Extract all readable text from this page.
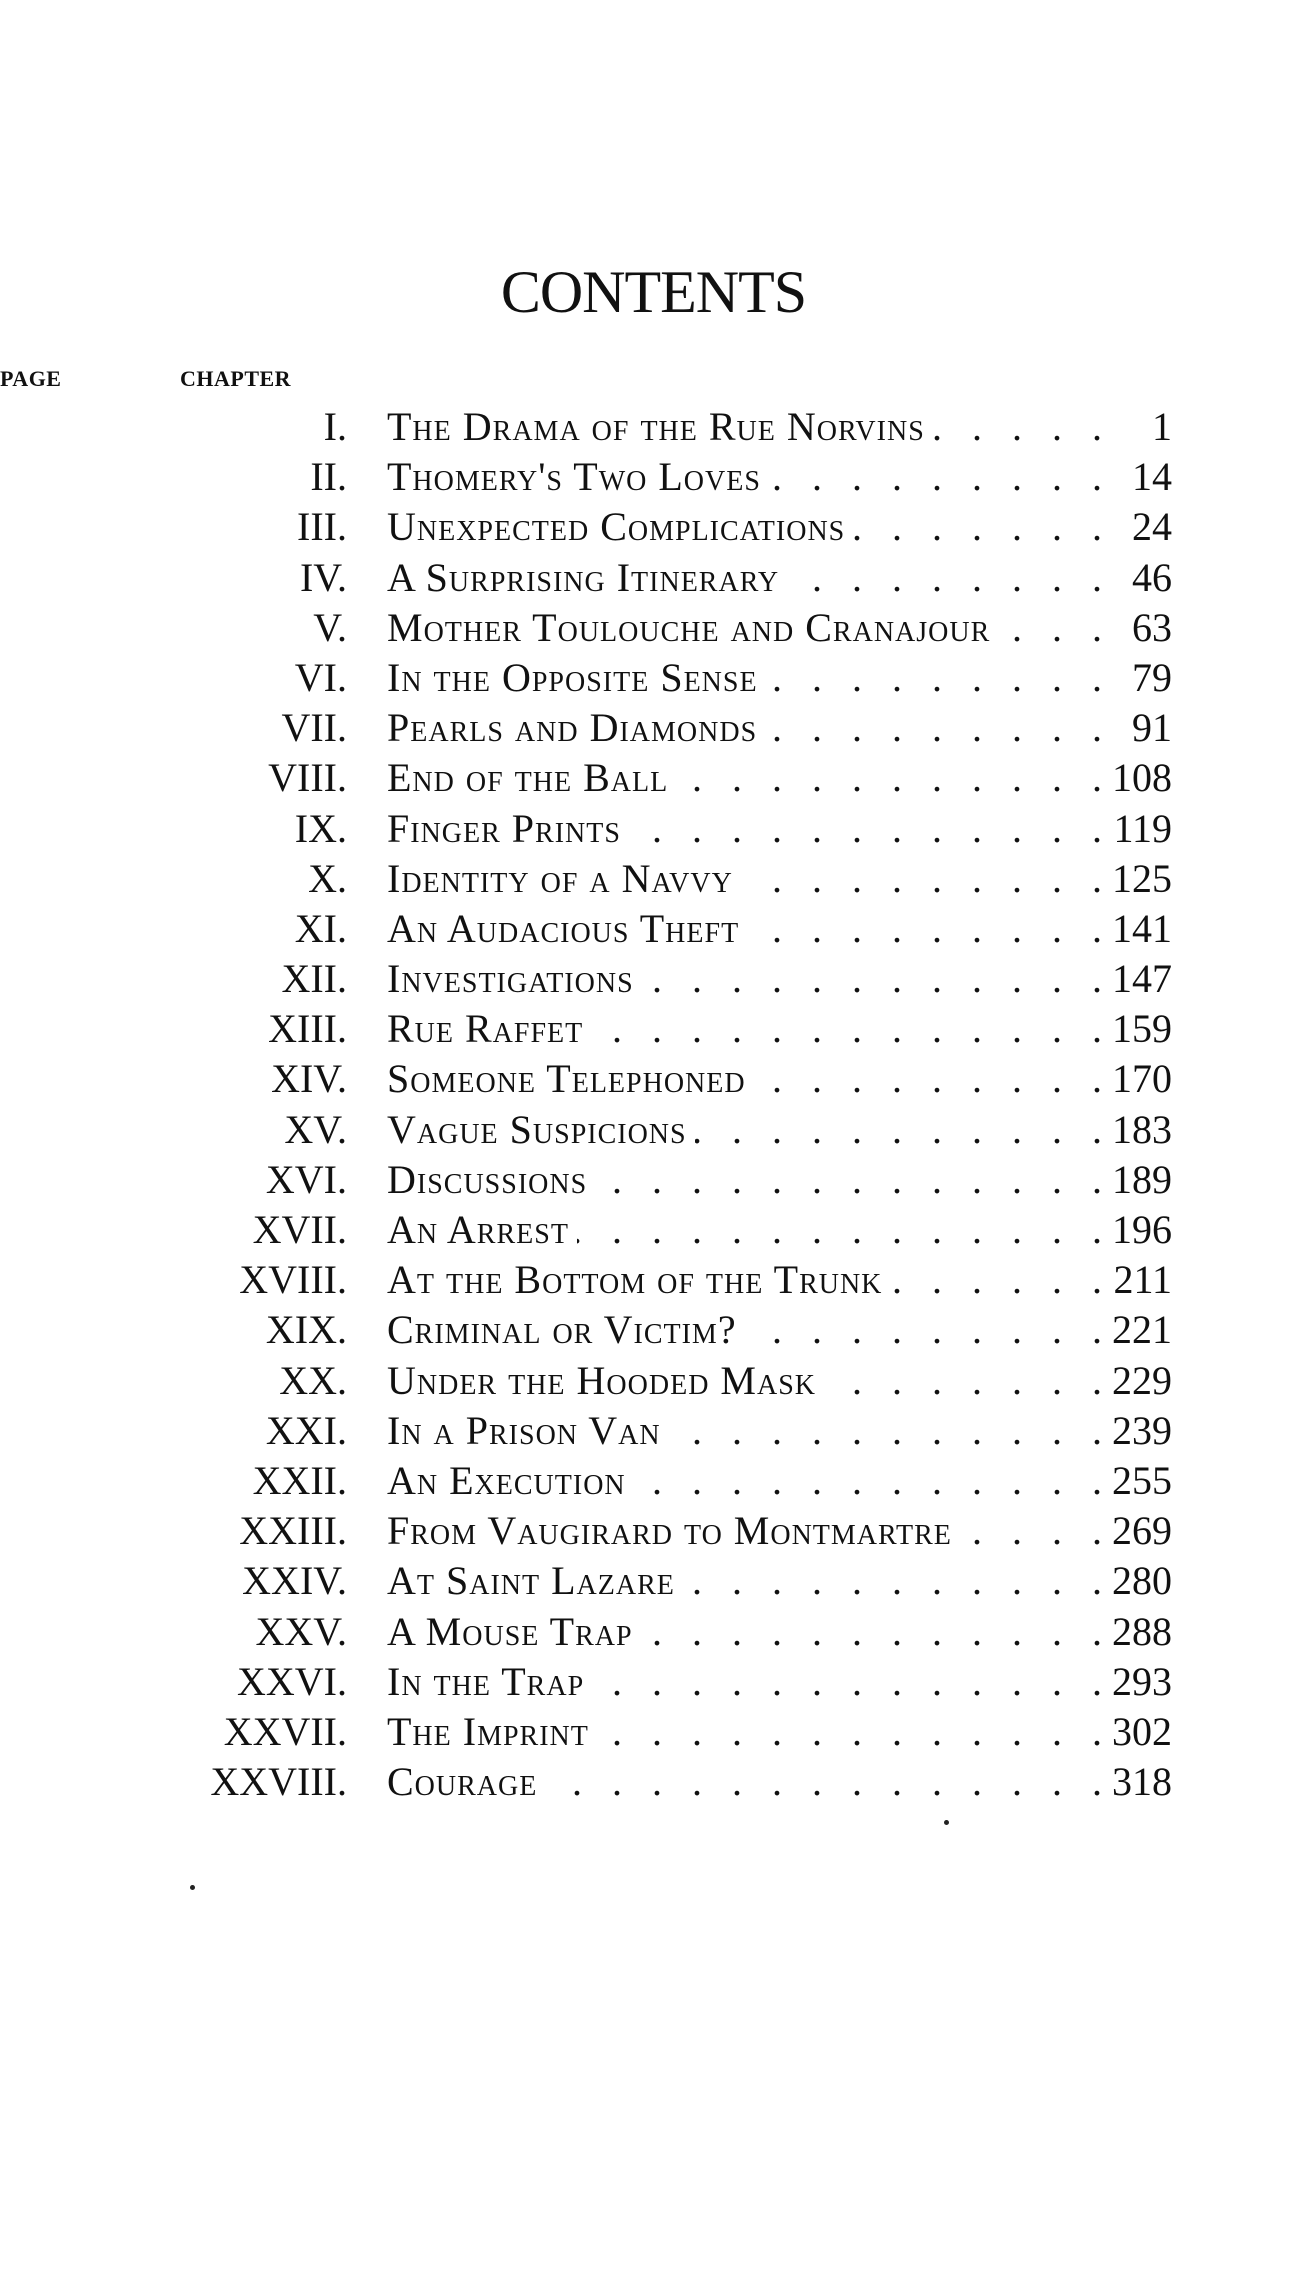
CONTENTS
CHAPTER
PAGE
I. The Drama of the Rue Norvins .   .	1
II. Thomery's Two Loves .   .	14
III. Unexpected Complications .   .	24
IV. A Surprising Itinerary .   .	46
V. Mother Toulouche and Cranajour .   .	63
VI. In the Opposite Sense .   .	79
VII. Pearls and Diamonds .   .	91
VIII. End of the Ball .   .	108
IX. Finger Prints .   .	119
X. Identity of a Navvy .   .	125
XI. An Audacious Theft .   .	141
XII. Investigations .   .	147
XIII. Rue Raffet .   .	159
XIV. Someone Telephoned .   .	170
XV. Vague Suspicions .   .	183
XVI. Discussions .   .	189
XVII. An Arrest .   .	196
XVIII. At the Bottom of the Trunk .   .	211
XIX. Criminal or Victim? .   .	221
XX. Under the Hooded Mask .   .	229
XXI. In a Prison Van .   .	239
XXII. An Execution .   .	255
XXIII. From Vaugirard to Montmartre .   .	269
XXIV. At Saint Lazare .   .	280
XXV. A Mouse Trap .   .	288
XXVI. In the Trap .   .	293
XXVII. The Imprint .   .	302
XXVIII. Courage .   .	318
